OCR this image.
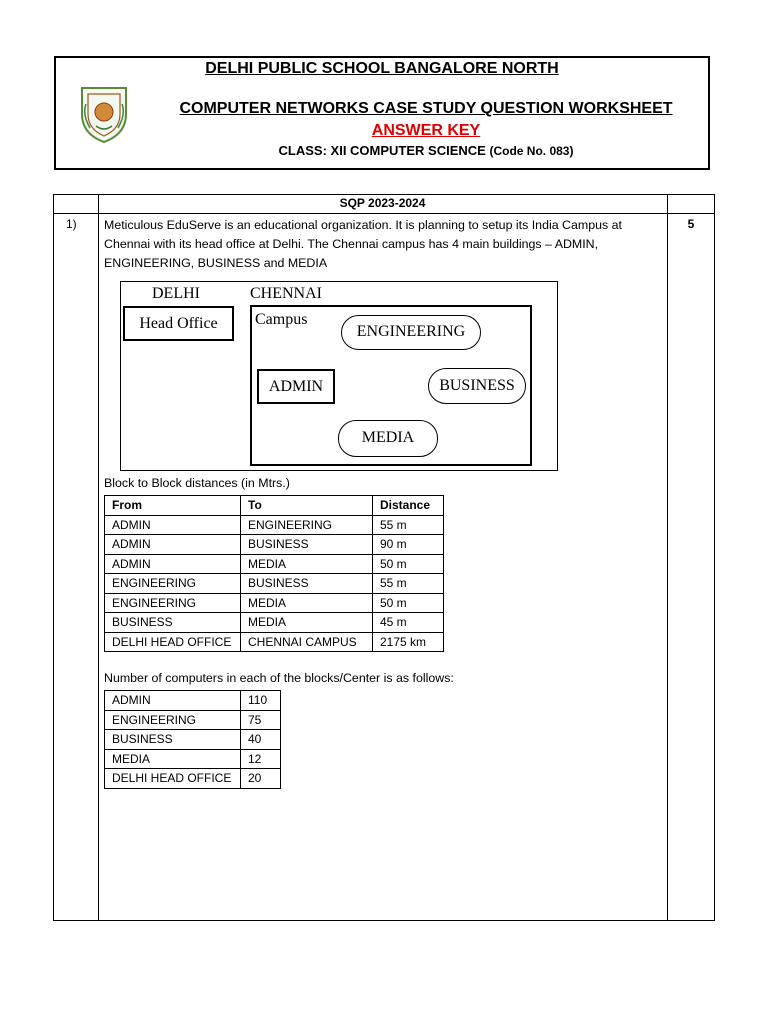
DELHI PUBLIC SCHOOL BANGALORE NORTH
COMPUTER NETWORKS CASE STUDY QUESTION WORKSHEET
ANSWER KEY
CLASS: XII COMPUTER SCIENCE (Code No. 083)
SQP 2023-2024
1)	5
Meticulous EduServe is an educational organization. It is planning to setup its India Campus at Chennai with its head office at Delhi. The Chennai campus has 4 main buildings – ADMIN, ENGINEERING, BUSINESS and MEDIA
DELHI	CHENNAI
Head Office	Campus
ENGINEERING
ADMIN	BUSINESS
MEDIA
Block to Block distances (in Mtrs.)
From	To	Distance
ADMIN	ENGINEERING	55 m
ADMIN	BUSINESS	90 m
ADMIN	MEDIA	50 m
ENGINEERING	BUSINESS	55 m
ENGINEERING	MEDIA	50 m
BUSINESS	MEDIA	45 m
DELHI HEAD OFFICE	CHENNAI CAMPUS	2175 km
Number of computers in each of the blocks/Center is as follows:
ADMIN	110
ENGINEERING	75
BUSINESS	40
MEDIA	12
DELHI HEAD OFFICE	20
